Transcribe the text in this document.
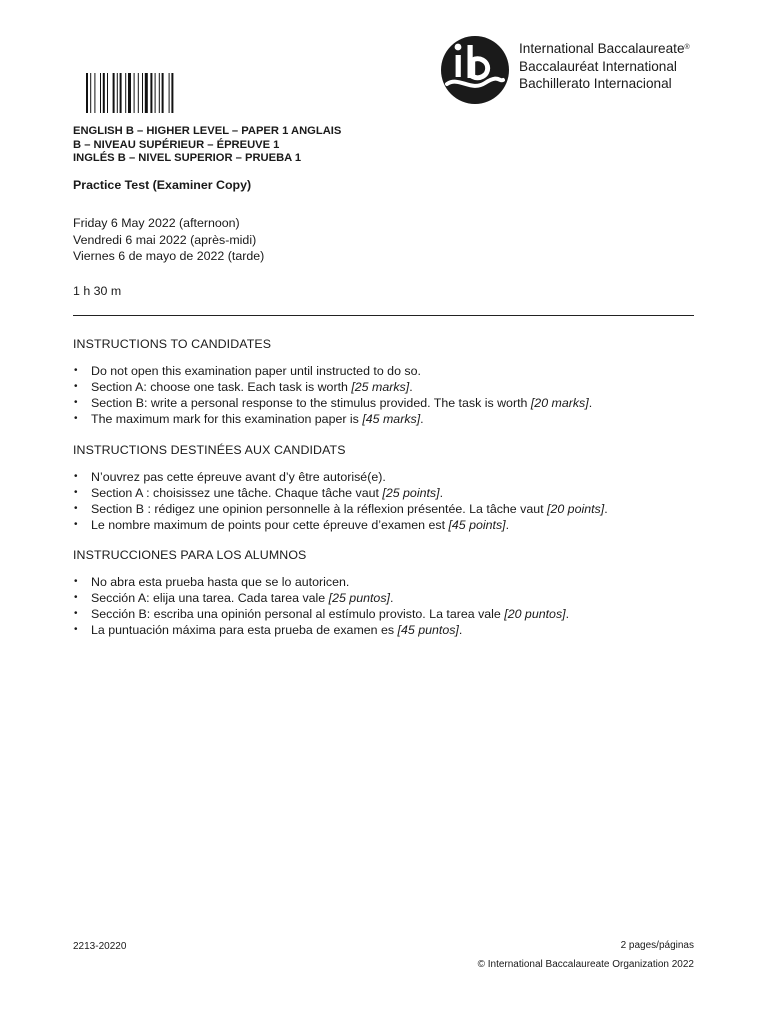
International Baccalaureate®
Baccalauréat International
Bachillerato Internacional
ENGLISH B – HIGHER LEVEL – PAPER 1 ANGLAIS
B – NIVEAU SUPÉRIEUR – ÉPREUVE 1
INGLÉS B – NIVEL SUPERIOR – PRUEBA 1
Practice Test (Examiner Copy)
Friday 6 May 2022 (afternoon)
Vendredi 6 mai 2022 (après-midi)
Viernes 6 de mayo de 2022 (tarde)
1 h 30 m
INSTRUCTIONS TO CANDIDATES
• Do not open this examination paper until instructed to do so.
• Section A: choose one task. Each task is worth [25 marks].
• Section B: write a personal response to the stimulus provided. The task is worth [20 marks].
• The maximum mark for this examination paper is [45 marks].
INSTRUCTIONS DESTINÉES AUX CANDIDATS
• N’ouvrez pas cette épreuve avant d’y être autorisé(e).
• Section A : choisissez une tâche. Chaque tâche vaut [25 points].
• Section B : rédigez une opinion personnelle à la réflexion présentée. La tâche vaut [20 points].
• Le nombre maximum de points pour cette épreuve d’examen est [45 points].
INSTRUCCIONES PARA LOS ALUMNOS
• No abra esta prueba hasta que se lo autoricen.
• Sección A: elija una tarea. Cada tarea vale [25 puntos].
• Sección B: escriba una opinión personal al estímulo provisto. La tarea vale [20 puntos].
• La puntuación máxima para esta prueba de examen es [45 puntos].
2213-20220	2 pages/páginas
© International Baccalaureate Organization 2022
